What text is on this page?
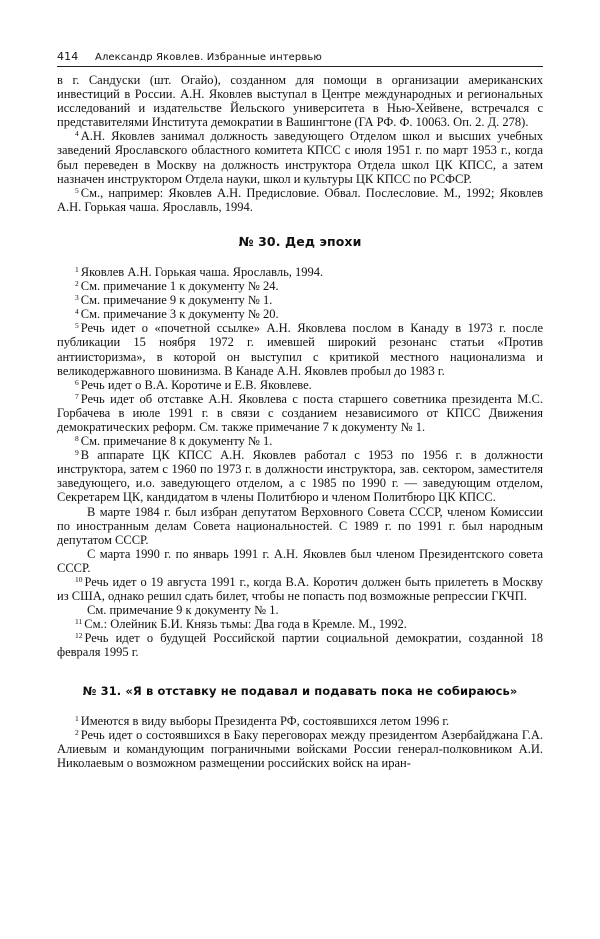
414	Александр Яковлев. Избранные интервью

в г. Сандуски (шт. Огайо), созданном для помощи в организации американских инвестиций в России. А.Н. Яковлев выступал в Центре международных и региональных исследований и издательстве Йельского университета в Нью-Хейвене, встречался с представителями Института демократии в Вашингтоне (ГА РФ. Ф. 10063. Оп. 2. Д. 278).

$^4$ А.Н. Яковлев занимал должность заведующего Отделом школ и высших учебных заведений Ярославского областного комитета КПСС с июля 1951 г. по март 1953 г., когда был переведен в Москву на должность инструктора Отдела школ ЦК КПСС, а затем назначен инструктором Отдела науки, школ и культуры ЦК КПСС по РСФСР.

$^5$ См., например: Яковлев А.Н. Предисловие. Обвал. Послесловие. М., 1992; Яковлев А.Н. Горькая чаша. Ярославль, 1994.

№ 30. Дед эпохи

$^1$ Яковлев А.Н. Горькая чаша. Ярославль, 1994.

$^2$ См. примечание 1 к документу № 24.

$^3$ См. примечание 9 к документу № 1.

$^4$ См. примечание 3 к документу № 20.

$^5$ Речь идет о «почетной ссылке» А.Н. Яковлева послом в Канаду в 1973 г. после публикации 15 ноября 1972 г. имевшей широкий резонанс статьи «Против антиисторизма», в которой он выступил с критикой местного национализма и великодержавного шовинизма. В Канаде А.Н. Яковлев пробыл до 1983 г.

$^6$ Речь идет о В.А. Коротиче и Е.В. Яковлеве.

$^7$ Речь идет об отставке А.Н. Яковлева с поста старшего советника президента М.С. Горбачева в июле 1991 г. в связи с созданием независимого от КПСС Движения демократических реформ. См. также примечание 7 к документу № 1.

$^8$ См. примечание 8 к документу № 1.

$^9$ В аппарате ЦК КПСС А.Н. Яковлев работал с 1953 по 1956 г. в должности инструктора, затем с 1960 по 1973 г. в должности инструктора, зав. сектором, заместителя заведующего, и.о. заведующего отделом, а с 1985 по 1990 г. — заведующим отделом, Секретарем ЦК, кандидатом в члены Политбюро и членом Политбюро ЦК КПСС.

В марте 1984 г. был избран депутатом Верховного Совета СССР, членом Комиссии по иностранным делам Совета национальностей. С 1989 г. по 1991 г. был народным депутатом СССР.

С марта 1990 г. по январь 1991 г. А.Н. Яковлев был членом Президентского совета СССР.

$^{10}$ Речь идет о 19 августа 1991 г., когда В.А. Коротич должен быть прилететь в Москву из США, однако решил сдать билет, чтобы не попасть под возможные репрессии ГКЧП.

См. примечание 9 к документу № 1.

$^{11}$ См.: Олейник Б.И. Князь тьмы: Два года в Кремле. М., 1992.

$^{12}$ Речь идет о будущей Российской партии социальной демократии, созданной 18 февраля 1995 г.

№ 31. «Я в отставку не подавал и подавать пока не собираюсь»

$^1$ Имеются в виду выборы Президента РФ, состоявшихся летом 1996 г.

$^2$ Речь идет о состоявшихся в Баку переговорах между президентом Азербайджана Г.А. Алиевым и командующим пограничными войсками России генерал-полковником А.И. Николаевым о возможном размещении российских войск на иран-
